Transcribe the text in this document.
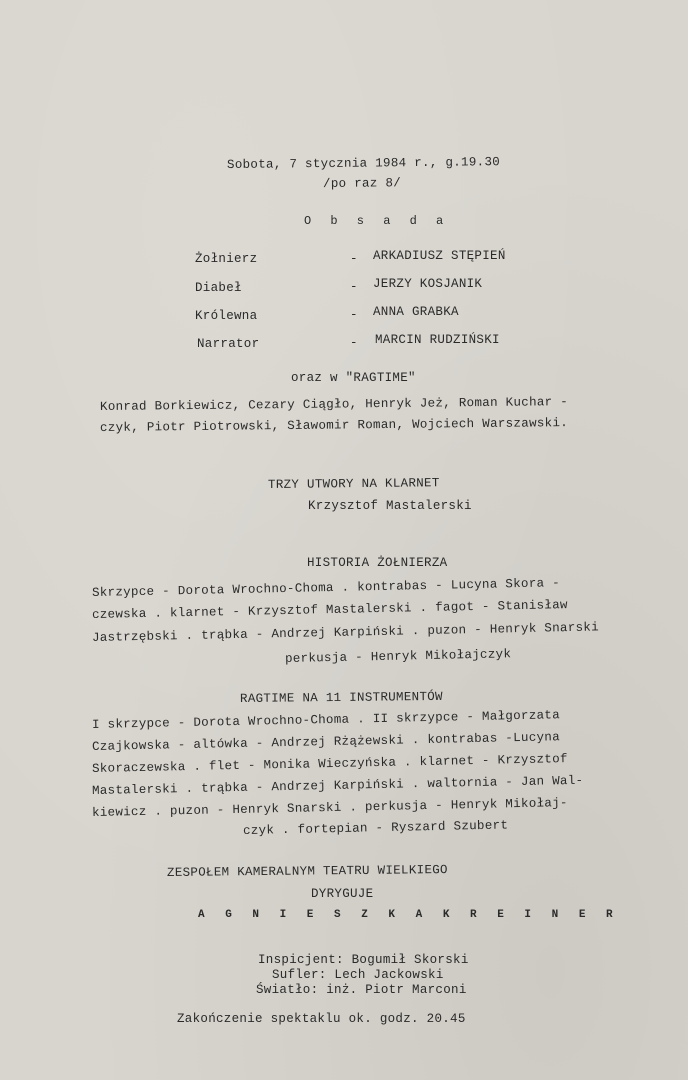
Sobota, 7 stycznia 1984 r., g.19.30
/po raz 8/
O b s a d a
Żołnierz	- ARKADIUSZ STĘPIEŃ
Diabeł	- JERZY KOSJANIK
Królewna	- ANNA GRABKA
Narrator	- MARCIN RUDZIŃSKI
oraz w "RAGTIME"
Konrad Borkiewicz, Cezary Ciągło, Henryk Jeż, Roman Kuchar -
czyk, Piotr Piotrowski, Sławomir Roman, Wojciech Warszawski.
TRZY UTWORY NA KLARNET
Krzysztof Mastalerski
HISTORIA ŻOŁNIERZA
Skrzypce - Dorota Wrochno-Choma . kontrabas - Lucyna Skora -
czewska . klarnet - Krzysztof Mastalerski . fagot - Stanisław
Jastrzębski . trąbka - Andrzej Karpiński . puzon - Henryk Snarski
perkusja - Henryk Mikołajczyk
RAGTIME NA 11 INSTRUMENTÓW
I skrzypce - Dorota Wrochno-Choma . II skrzypce - Małgorzata
Czajkowska - altówka - Andrzej Rżążewski . kontrabas -Lucyna
Skoraczewska . flet - Monika Wieczyńska . klarnet - Krzysztof
Mastalerski . trąbka - Andrzej Karpiński . waltornia - Jan Wal-
kiewicz . puzon - Henryk Snarski . perkusja - Henryk Mikołaj-
czyk . fortepian - Ryszard Szubert
ZESPOŁEM KAMERALNYM TEATRU WIELKIEGO
DYRYGUJE
A G N I E S Z K A K R E I N E R
Inspicjent: Bogumił Skorski
Sufler: Lech Jackowski
Światło: inż. Piotr Marconi
Zakończenie spektaklu ok. godz. 20.45
